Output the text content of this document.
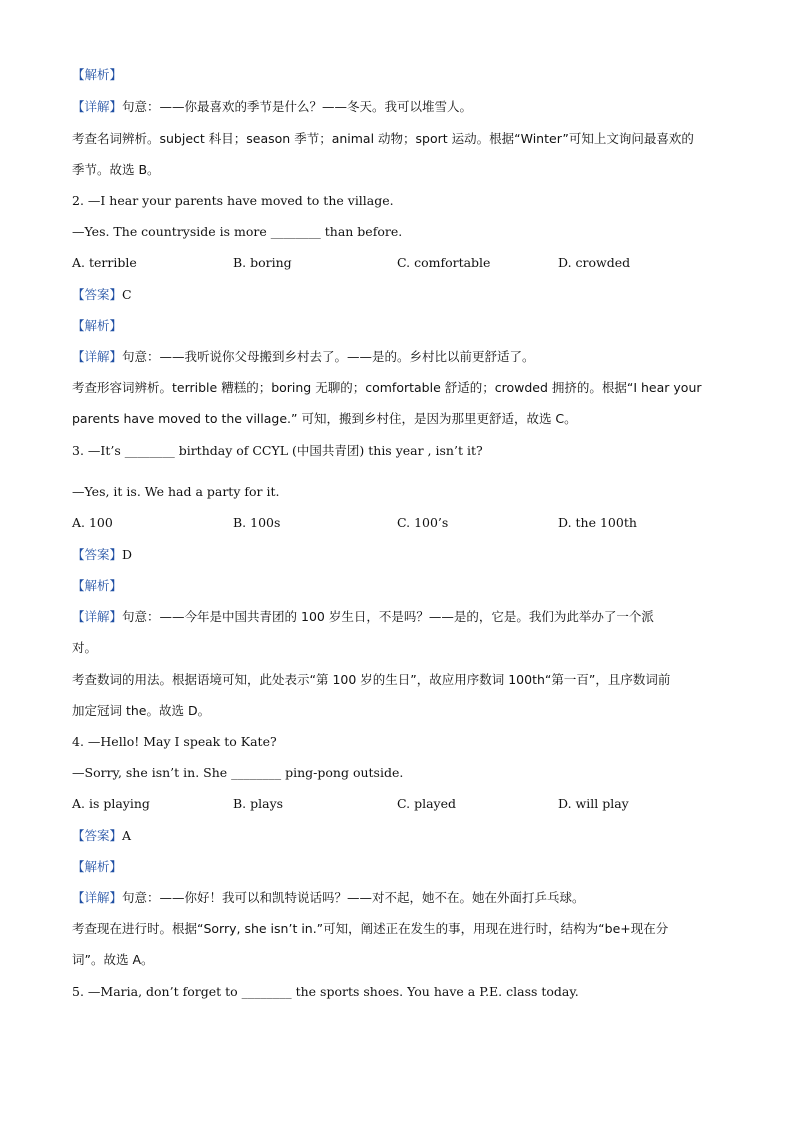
【解析】
【详解】句意：——你最喜欢的季节是什么？——冬天。我可以堆雪人。
考查名词辨析。subject 科目；season 季节；animal 动物；sport 运动。根据“Winter”可知上文询问最喜欢的
季节。故选 B。
2. —I hear your parents have moved to the village.
—Yes. The countryside is more ________ than before.
A. terrible	B. boring	C. comfortable	D. crowded
【答案】C
【解析】
【详解】句意：——我听说你父母搬到乡村去了。——是的。乡村比以前更舒适了。
考查形容词辨析。terrible 糟糕的；boring 无聊的；comfortable 舒适的；crowded 拥挤的。根据“I hear your
parents have moved to the village.” 可知，搬到乡村住，是因为那里更舒适，故选 C。
3. —It’s ________ birthday of CCYL (中国共青团) this year , isn’t it?
—Yes, it is. We had a party for it.
A. 100	B. 100s	C. 100’s	D. the 100th
【答案】D
【解析】
【详解】句意：——今年是中国共青团的 100 岁生日，不是吗？——是的，它是。我们为此举办了一个派
对。
考查数词的用法。根据语境可知，此处表示“第 100 岁的生日”，故应用序数词 100th“第一百”，且序数词前
加定冠词 the。故选 D。
4. —Hello! May I speak to Kate?
—Sorry, she isn’t in. She ________ ping-pong outside.
A. is playing	B. plays	C. played	D. will play
【答案】A
【解析】
【详解】句意：——你好！我可以和凯特说话吗？——对不起，她不在。她在外面打乒乓球。
考查现在进行时。根据“Sorry, she isn’t in.”可知，阐述正在发生的事，用现在进行时，结构为“be+现在分
词”。故选 A。
5. —Maria, don’t forget to ________ the sports shoes. You have a P.E. class today.
